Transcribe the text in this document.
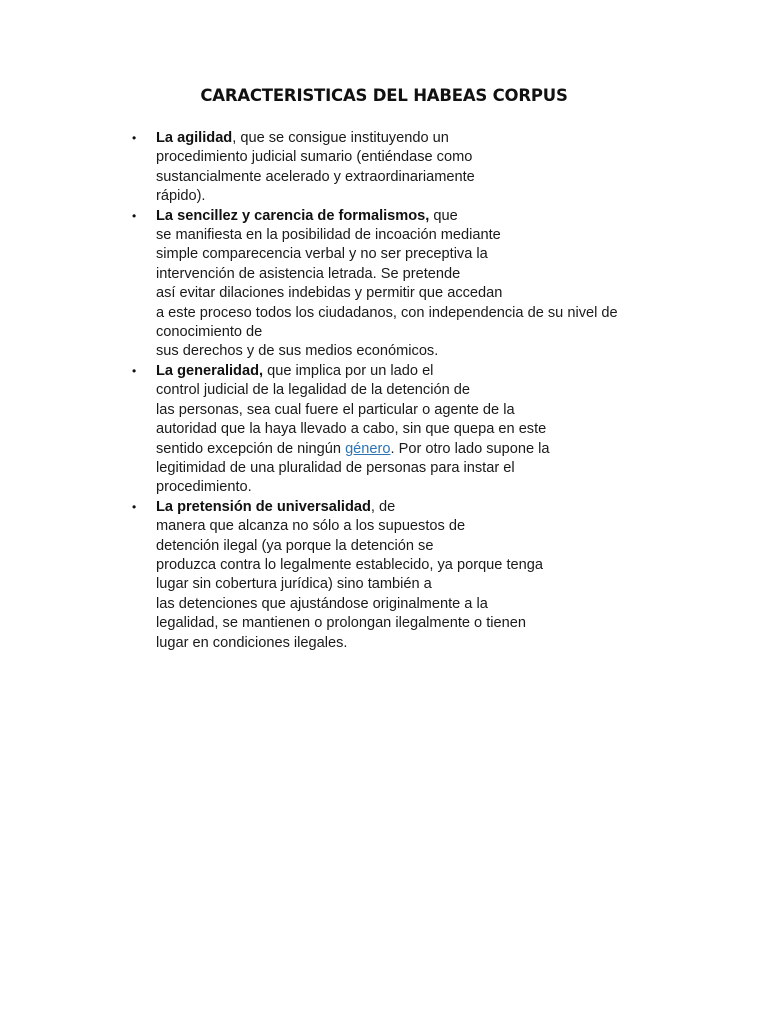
CARACTERISTICAS DEL HABEAS CORPUS
•	La agilidad, que se consigue instituyendo un
procedimiento judicial sumario (entiéndase como
sustancialmente acelerado y extraordinariamente
rápido).
•	La sencillez y carencia de formalismos, que
se manifiesta en la posibilidad de incoación mediante
simple comparecencia verbal y no ser preceptiva la
intervención de asistencia letrada. Se pretende
así evitar dilaciones indebidas y permitir que accedan
a este proceso todos los ciudadanos, con independencia de su nivel de
conocimiento de
sus derechos y de sus medios económicos.
•	La generalidad, que implica por un lado el
control judicial de la legalidad de la detención de
las personas, sea cual fuere el particular o agente de la
autoridad que la haya llevado a cabo, sin que quepa en este
sentido excepción de ningún género. Por otro lado supone la
legitimidad de una pluralidad de personas para instar el
procedimiento.
•	La pretensión de universalidad, de
manera que alcanza no sólo a los supuestos de
detención ilegal (ya porque la detención se
produzca contra lo legalmente establecido, ya porque tenga
lugar sin cobertura jurídica) sino también a
las detenciones que ajustándose originalmente a la
legalidad, se mantienen o prolongan ilegalmente o tienen
lugar en condiciones ilegales.
